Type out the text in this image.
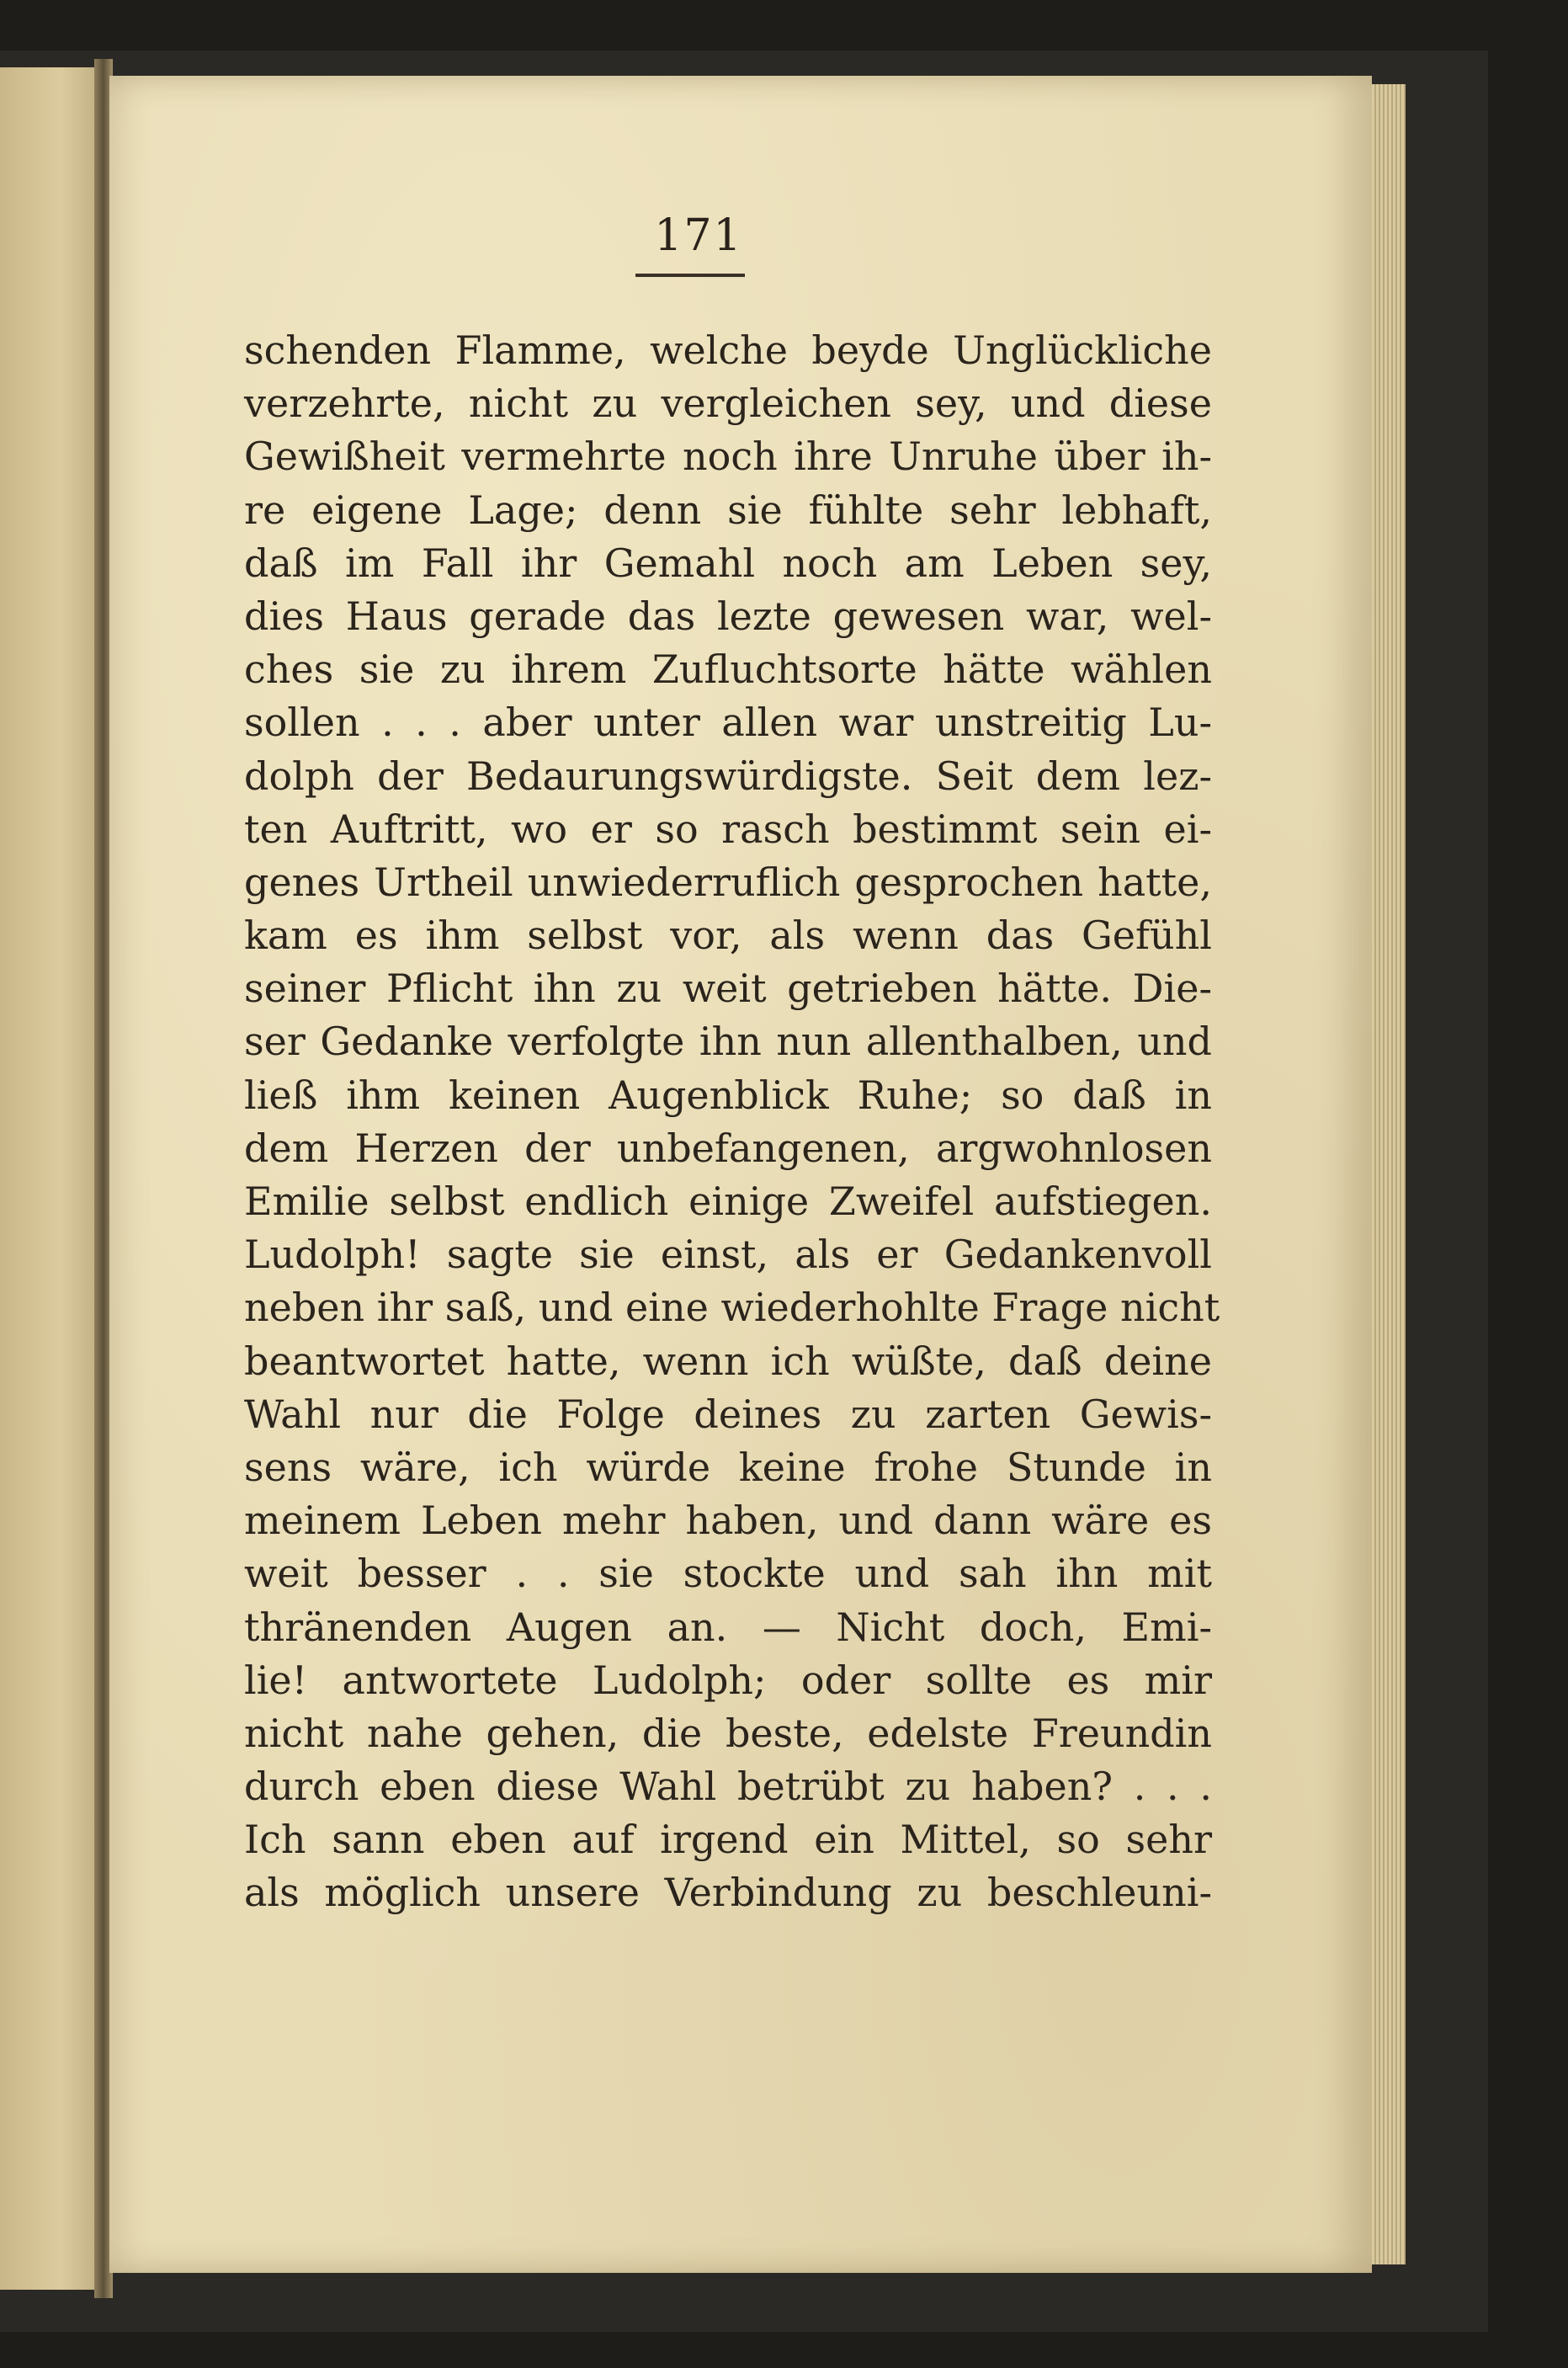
171
schenden Flamme, welche beyde Unglückliche
verzehrte, nicht zu vergleichen sey, und diese
Gewißheit vermehrte noch ihre Unruhe über ih-
re eigene Lage; denn sie fühlte sehr lebhaft,
daß im Fall ihr Gemahl noch am Leben sey,
dies Haus gerade das lezte gewesen war, wel-
ches sie zu ihrem Zufluchtsorte hätte wählen
sollen . . . aber unter allen war unstreitig Lu-
dolph der Bedaurungswürdigste. Seit dem lez-
ten Auftritt, wo er so rasch bestimmt sein ei-
genes Urtheil unwiederruflich gesprochen hatte,
kam es ihm selbst vor, als wenn das Gefühl
seiner Pflicht ihn zu weit getrieben hätte. Die-
ser Gedanke verfolgte ihn nun allenthalben, und
ließ ihm keinen Augenblick Ruhe; so daß in
dem Herzen der unbefangenen, argwohnlosen
Emilie selbst endlich einige Zweifel aufstiegen.
Ludolph! sagte sie einst, als er Gedankenvoll
neben ihr saß, und eine wiederhohlte Frage nicht
beantwortet hatte, wenn ich wüßte, daß deine
Wahl nur die Folge deines zu zarten Gewis-
sens wäre, ich würde keine frohe Stunde in
meinem Leben mehr haben, und dann wäre es
weit besser . . sie stockte und sah ihn mit
thränenden Augen an. — Nicht doch, Emi-
lie! antwortete Ludolph; oder sollte es mir
nicht nahe gehen, die beste, edelste Freundin
durch eben diese Wahl betrübt zu haben? . . .
Ich sann eben auf irgend ein Mittel, so sehr
als möglich unsere Verbindung zu beschleuni-
